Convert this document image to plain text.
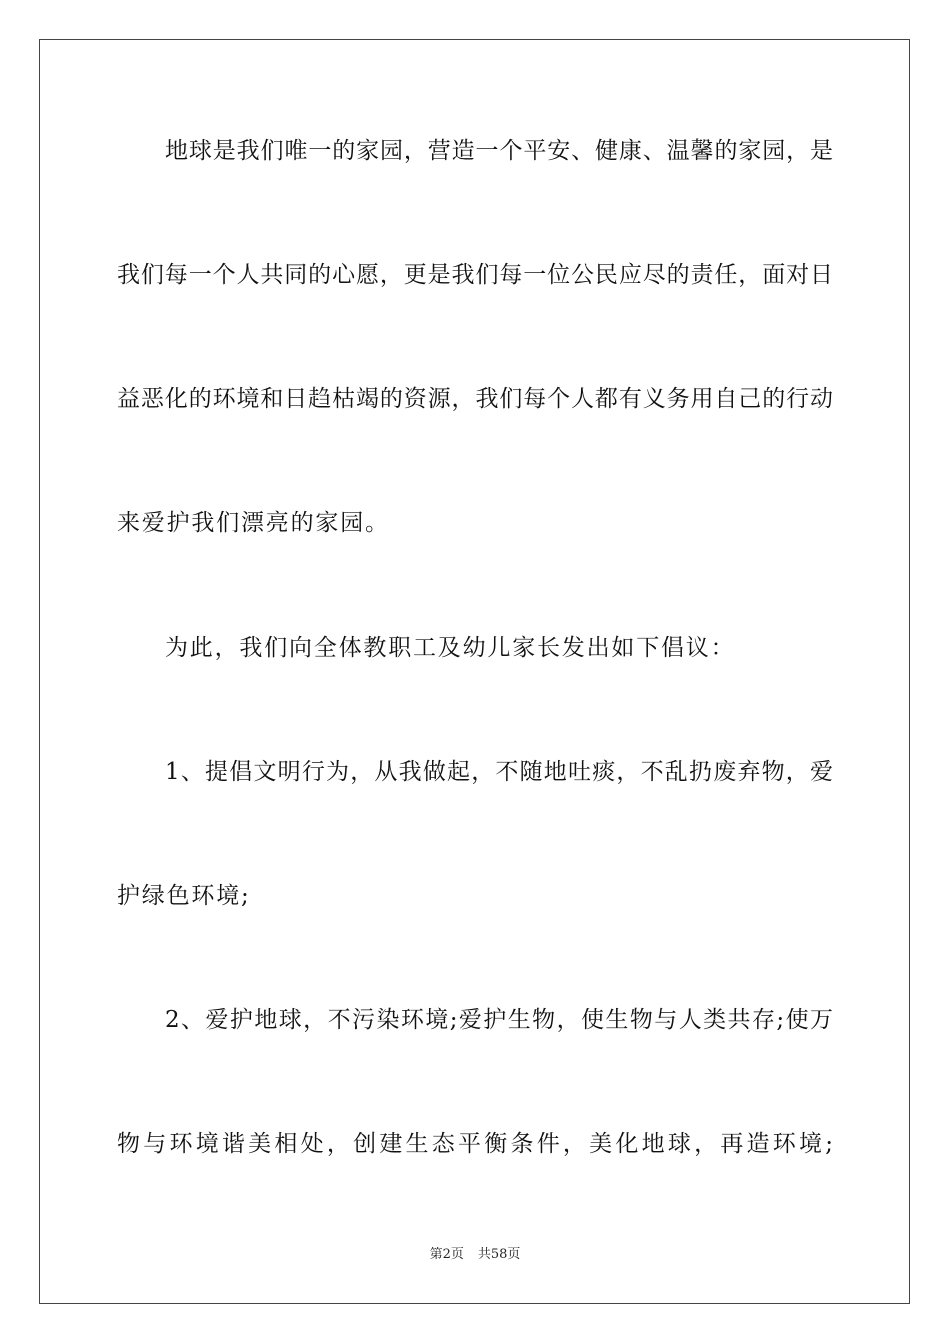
地球是我们唯一的家园，营造一个平安、健康、温馨的家园，是
我们每一个人共同的心愿，更是我们每一位公民应尽的责任，面对日
益恶化的环境和日趋枯竭的资源，我们每个人都有义务用自己的行动
来爱护我们漂亮的家园。
为此，我们向全体教职工及幼儿家长发出如下倡议：
1、提倡文明行为，从我做起，不随地吐痰，不乱扔废弃物，爱
护绿色环境;
2、爱护地球，不污染环境;爱护生物，使生物与人类共存;使万
物与环境谐美相处，创建生态平衡条件，美化地球，再造环境;
第2页 共58页
